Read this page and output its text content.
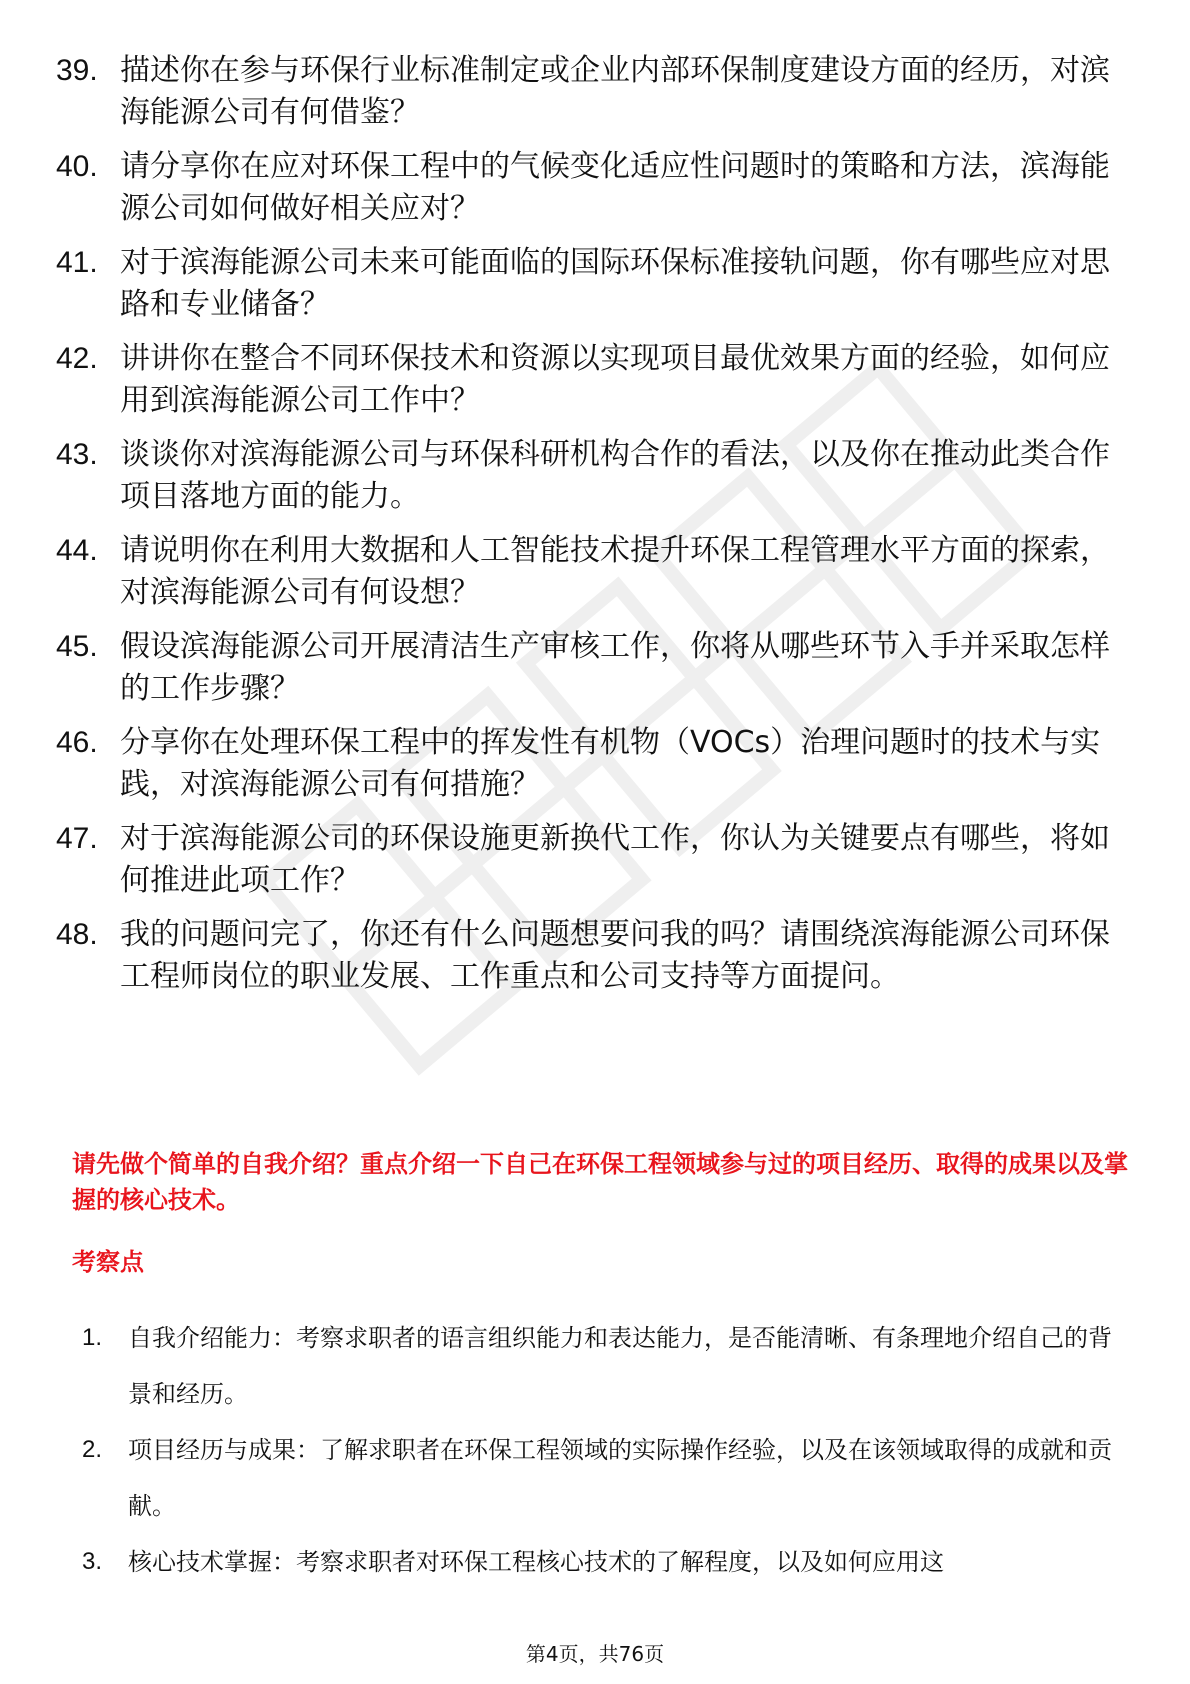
39. 描述你在参与环保行业标准制定或企业内部环保制度建设方面的经历，对滨海能源公司有何借鉴？
40. 请分享你在应对环保工程中的气候变化适应性问题时的策略和方法，滨海能源公司如何做好相关应对？
41. 对于滨海能源公司未来可能面临的国际环保标准接轨问题，你有哪些应对思路和专业储备？
42. 讲讲你在整合不同环保技术和资源以实现项目最优效果方面的经验，如何应用到滨海能源公司工作中？
43. 谈谈你对滨海能源公司与环保科研机构合作的看法，以及你在推动此类合作项目落地方面的能力。
44. 请说明你在利用大数据和人工智能技术提升环保工程管理水平方面的探索，对滨海能源公司有何设想？
45. 假设滨海能源公司开展清洁生产审核工作，你将从哪些环节入手并采取怎样的工作步骤？
46. 分享你在处理环保工程中的挥发性有机物（VOCs）治理问题时的技术与实践，对滨海能源公司有何措施？
47. 对于滨海能源公司的环保设施更新换代工作，你认为关键要点有哪些，将如何推进此项工作？
48. 我的问题问完了，你还有什么问题想要问我的吗？请围绕滨海能源公司环保工程师岗位的职业发展、工作重点和公司支持等方面提问。
请先做个简单的自我介绍？重点介绍一下自己在环保工程领域参与过的项目经历、取得的成果以及掌握的核心技术。
考察点
1.	自我介绍能力：考察求职者的语言组织能力和表达能力，是否能清晰、有条理地介绍自己的背景和经历。
2.	项目经历与成果：了解求职者在环保工程领域的实际操作经验，以及在该领域取得的成就和贡献。
3.	核心技术掌握：考察求职者对环保工程核心技术的了解程度，以及如何应用这
第4页，共76页
